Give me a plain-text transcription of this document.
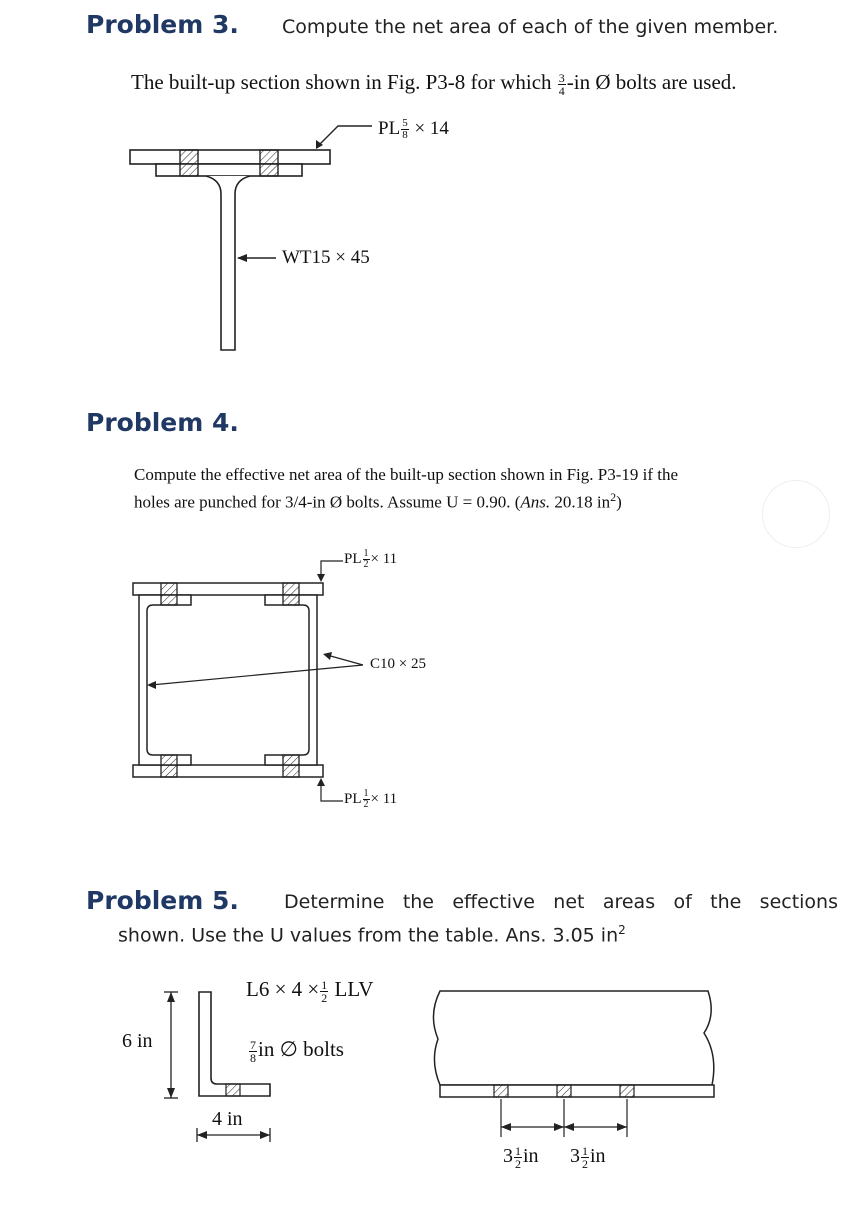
Problem 3. Compute the net area of each of the given member.
The built-up section shown in Fig. P3-8 for which $\frac{3}{4} -in$ Ø bolts are used.
PL $\frac{5}{8} \times 14$
WT15 × 45
Problem 4.
Compute the effective net area of the built-up section shown in Fig. P3-19 if the
holes are punched for 3/4-in Ø bolts. Assume U = 0.90. (Ans. 20.18 $in^2$)
PL $\frac{1}{2} \times 11$
C10 × 25
PL $\frac{1}{2} \times 11$
Problem 5. Determine the effective net areas of the sections
shown. Use the U values from the table. Ans. 3.05 $in^2$
6 in
4 in
$L6 \times 4 \times \frac{1}{2}$ LLV
$\frac{7}{8}$ in ∅ bolts
$3 \frac{1}{2}$ in $3 \frac{1}{2}$ in
